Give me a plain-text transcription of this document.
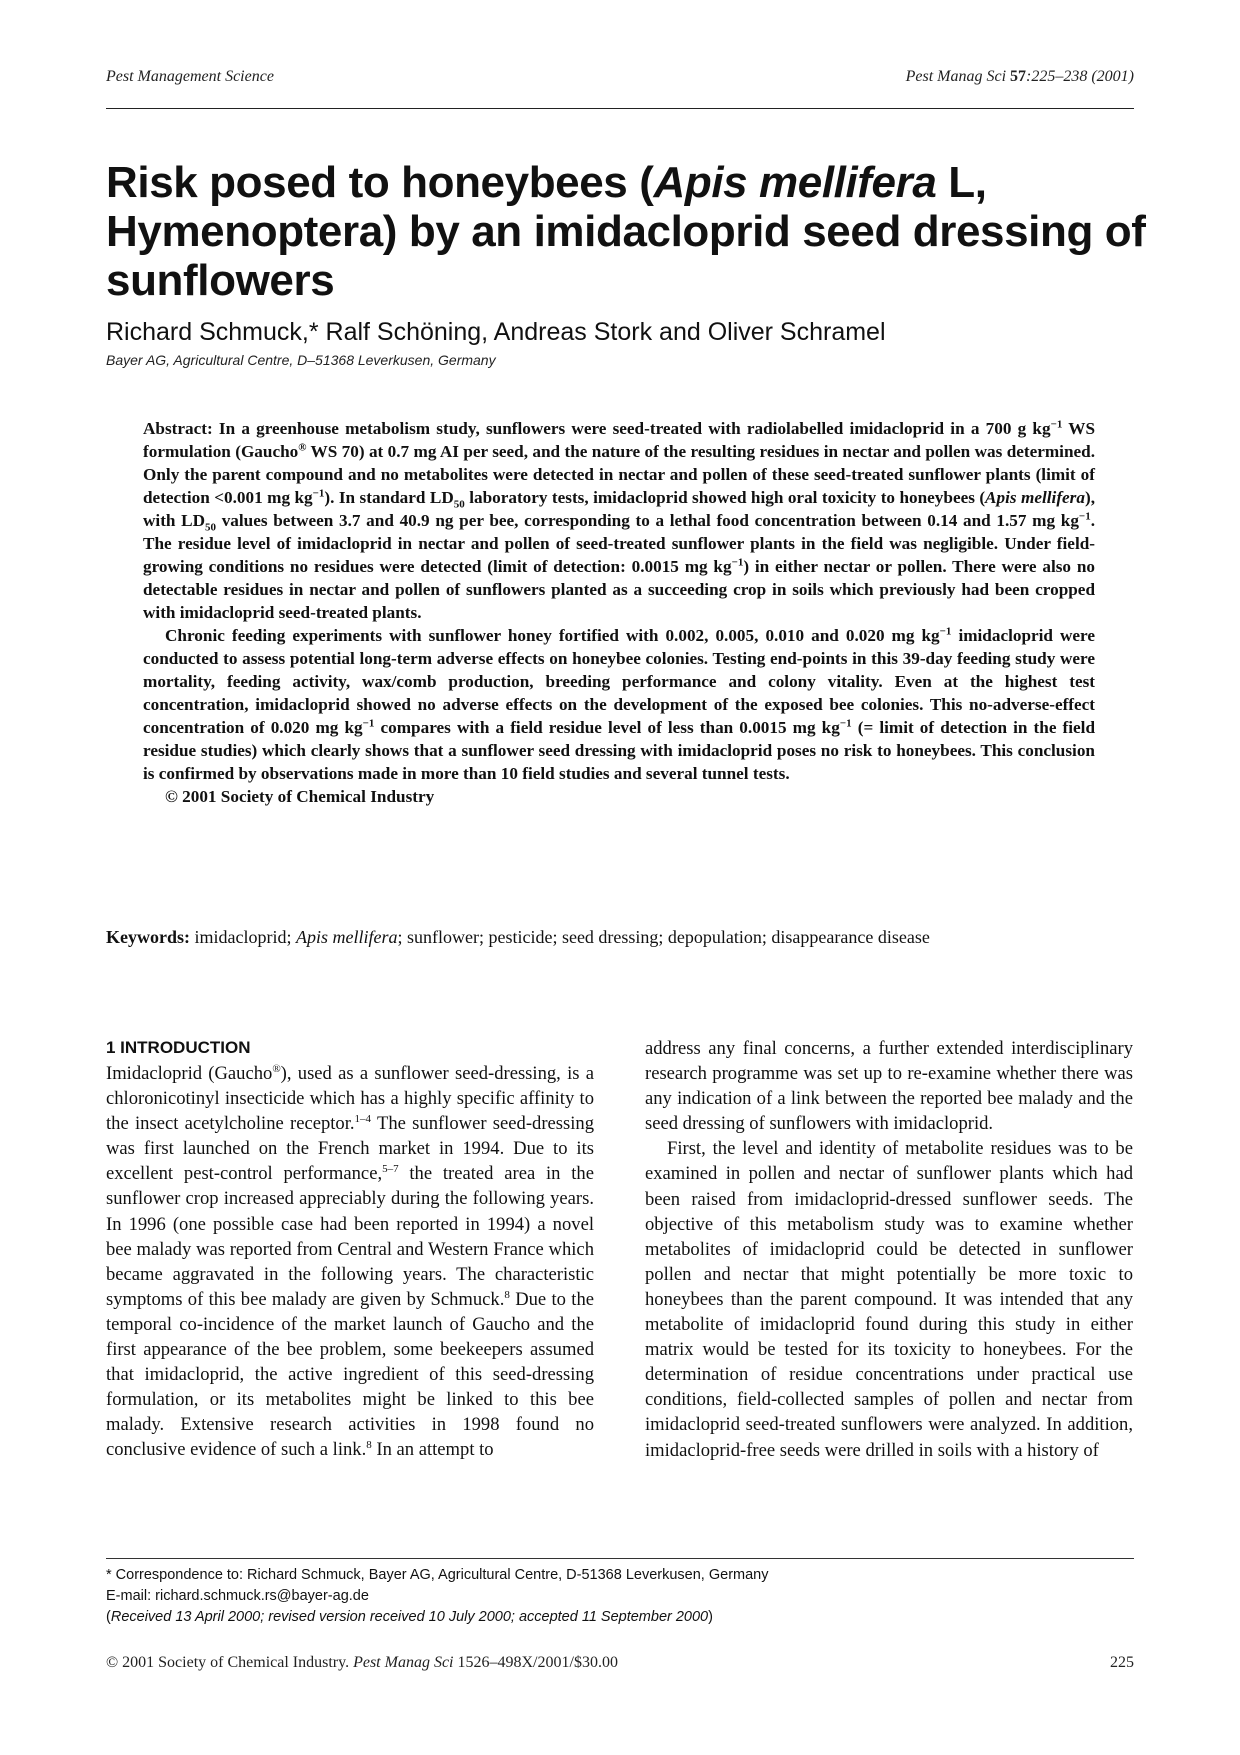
Pest Management Science	Pest Manag Sci 57:225–238 (2001)
Risk posed to honeybees (Apis mellifera L, Hymenoptera) by an imidacloprid seed dressing of sunflowers
Richard Schmuck,* Ralf Schöning, Andreas Stork and Oliver Schramel
Bayer AG, Agricultural Centre, D–51368 Leverkusen, Germany

Abstract: In a greenhouse metabolism study, sunflowers were seed-treated with radiolabelled imidacloprid in a 700 g $kg^{-1}$ WS formulation (Gaucho® WS 70) at 0.7 mg AI per seed, and the nature of the resulting residues in nectar and pollen was determined. Only the parent compound and no metabolites were detected in nectar and pollen of these seed-treated sunflower plants (limit of detection <0.001 mg $kg^{-1}$). In standard $LD_{50}$ laboratory tests, imidacloprid showed high oral toxicity to honeybees (Apis mellifera), with $LD_{50}$ values between 3.7 and 40.9 ng per bee, corresponding to a lethal food concentration between 0.14 and 1.57 mg $kg^{-1}$. The residue level of imidacloprid in nectar and pollen of seed-treated sunflower plants in the field was negligible. Under field-growing conditions no residues were detected (limit of detection: 0.0015 mg $kg^{-1}$) in either nectar or pollen. There were also no detectable residues in nectar and pollen of sunflowers planted as a succeeding crop in soils which previously had been cropped with imidacloprid seed-treated plants.

Chronic feeding experiments with sunflower honey fortified with 0.002, 0.005, 0.010 and 0.020 mg $kg^{-1}$ imidacloprid were conducted to assess potential long-term adverse effects on honeybee colonies. Testing end-points in this 39-day feeding study were mortality, feeding activity, wax/comb production, breeding performance and colony vitality. Even at the highest test concentration, imidacloprid showed no adverse effects on the development of the exposed bee colonies. This no-adverse-effect concentration of 0.020 mg $kg^{-1}$ compares with a field residue level of less than 0.0015 mg $kg^{-1}$ (= limit of detection in the field residue studies) which clearly shows that a sunflower seed dressing with imidacloprid poses no risk to honeybees. This conclusion is confirmed by observations made in more than 10 field studies and several tunnel tests.

© 2001 Society of Chemical Industry

Keywords: imidacloprid; Apis mellifera; sunflower; pesticide; seed dressing; depopulation; disappearance disease
1 INTRODUCTION

Imidacloprid (Gaucho®), used as a sunflower seed-dressing, is a chloronicotinyl insecticide which has a highly specific affinity to the insect acetylcholine receptor.$^{1-4}$ The sunflower seed-dressing was first launched on the French market in 1994. Due to its excellent pest-control performance,$^{5-7}$ the treated area in the sunflower crop increased appreciably during the following years. In 1996 (one possible case had been reported in 1994) a novel bee malady was reported from Central and Western France which became aggravated in the following years. The characteristic symptoms of this bee malady are given by Schmuck.$^8$ Due to the temporal co-incidence of the market launch of Gaucho and the first appearance of the bee problem, some beekeepers assumed that imidacloprid, the active ingredient of this seed-dressing formulation, or its metabolites might be linked to this bee malady. Extensive research activities in 1998 found no conclusive evidence of such a link.$^8$ In an attempt to

address any final concerns, a further extended interdisciplinary research programme was set up to re-examine whether there was any indication of a link between the reported bee malady and the seed dressing of sunflowers with imidacloprid.

First, the level and identity of metabolite residues was to be examined in pollen and nectar of sunflower plants which had been raised from imidacloprid-dressed sunflower seeds. The objective of this metabolism study was to examine whether metabolites of imidacloprid could be detected in sunflower pollen and nectar that might potentially be more toxic to honeybees than the parent compound. It was intended that any metabolite of imidacloprid found during this study in either matrix would be tested for its toxicity to honeybees. For the determination of residue concentrations under practical use conditions, field-collected samples of pollen and nectar from imidacloprid seed-treated sunflowers were analyzed. In addition, imidacloprid-free seeds were drilled in soils with a history of

* Correspondence to: Richard Schmuck, Bayer AG, Agricultural Centre, D-51368 Leverkusen, Germany
E-mail: richard.schmuck.rs@bayer-ag.de
(Received 13 April 2000; revised version received 10 July 2000; accepted 11 September 2000)
© 2001 Society of Chemical Industry. Pest Manag Sci 1526–498X/2001/$30.00	225
